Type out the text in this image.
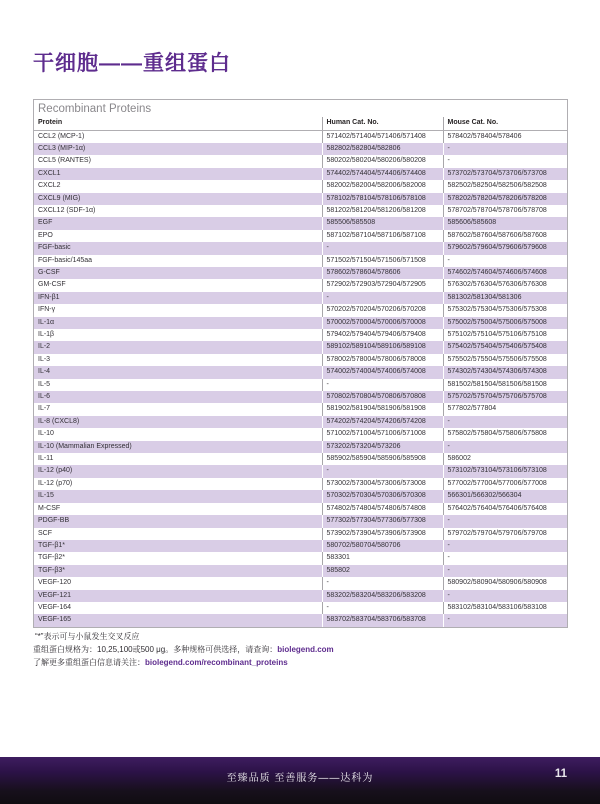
干细胞——重组蛋白
Recombinant Proteins
Protein	Human Cat. No.	Mouse Cat. No.
CCL2 (MCP-1)	571402/571404/571406/571408	578402/578404/578406
CCL3 (MIP-1α)	582802/582804/582806	-
CCL5 (RANTES)	580202/580204/580206/580208	-
CXCL1	574402/574404/574406/574408	573702/573704/573706/573708
CXCL2	582002/582004/582006/582008	582502/582504/582506/582508
CXCL9 (MIG)	578102/578104/578106/578108	578202/578204/578206/578208
CXCL12 (SDF-1α)	581202/581204/581206/581208	578702/578704/578706/578708
EGF	585506/585508	585606/585608
EPO	587102/587104/587106/587108	587602/587604/587606/587608
FGF-basic	-	579602/579604/579606/579608
FGF-basic/145aa	571502/571504/571506/571508	-
G-CSF	578602/578604/578606	574602/574604/574606/574608
GM-CSF	572902/572903/572904/572905	576302/576304/576306/576308
IFN-β1	-	581302/581304/581306
IFN-γ	570202/570204/570206/570208	575302/575304/575306/575308
IL-1α	570002/570004/570006/570008	575002/575004/575006/575008
IL-1β	579402/579404/579406/579408	575102/575104/575106/575108
IL-2	589102/589104/589106/589108	575402/575404/575406/575408
IL-3	578002/578004/578006/578008	575502/575504/575506/575508
IL-4	574002/574004/574006/574008	574302/574304/574306/574308
IL-5	-	581502/581504/581506/581508
IL-6	570802/570804/570806/570808	575702/575704/575706/575708
IL-7	581902/581904/581906/581908	577802/577804
IL-8 (CXCL8)	574202/574204/574206/574208	-
IL-10	571002/571004/571006/571008	575802/575804/575806/575808
IL-10 (Mammalian Expressed)	573202/573204/573206	-
IL-11	585902/585904/585906/585908	586002
IL-12 (p40)	-	573102/573104/573106/573108
IL-12 (p70)	573002/573004/573006/573008	577002/577004/577006/577008
IL-15	570302/570304/570306/570308	566301/566302/566304
M-CSF	574802/574804/574806/574808	576402/576404/576406/576408
PDGF-BB	577302/577304/577306/577308	-
SCF	573902/573904/573906/573908	579702/579704/579706/579708
TGF-β1*	580702/580704/580706	-
TGF-β2*	583301	-
TGF-β3*	585802	-
VEGF-120	-	580902/580904/580906/580908
VEGF-121	583202/583204/583206/583208	-
VEGF-164	-	583102/583104/583106/583108
VEGF-165	583702/583704/583706/583708	-

“*”表示可与小鼠发生交叉反应

重组蛋白规格为：10,25,100或500 μg。多种规格可供选择，请查询：biolegend.com

了解更多重组蛋白信息请关注：biolegend.com/recombinant_proteins

至臻品质 至善服务——达科为	11
